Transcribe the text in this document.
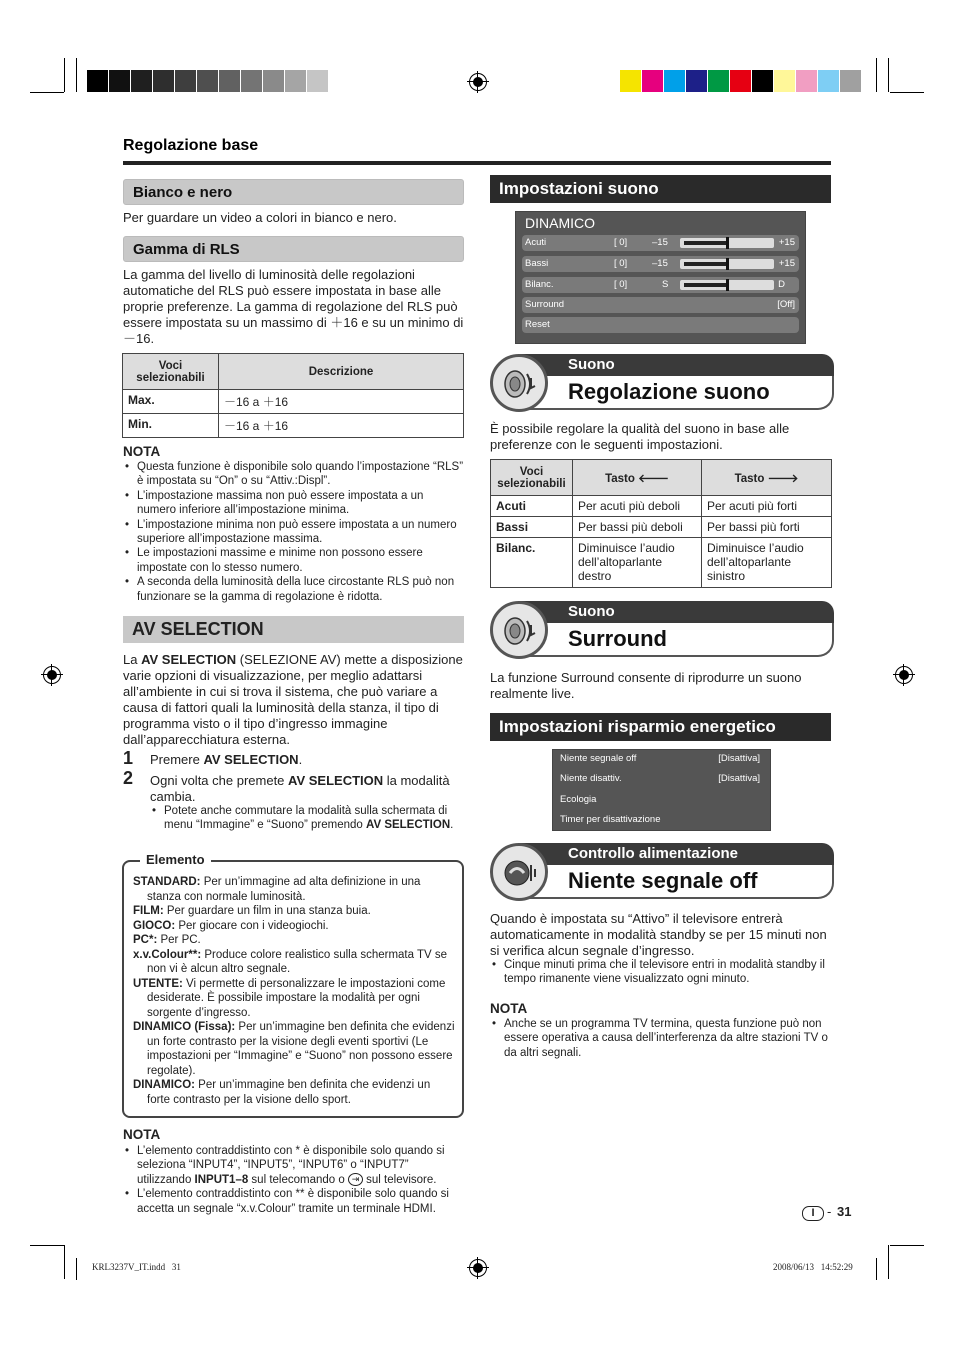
Regolazione base
Bianco e nero

Per guardare un video a colori in bianco e nero.

Gamma di RLS

La gamma del livello di luminosità delle regolazioni automatiche del RLS può essere impostata in base alle proprie preferenze. La gamma di regolazione del RLS può essere impostata su un massimo di ＋16 e su un minimo di －16.

Voci selezionabili	Descrizione
Max.	－16 a ＋16
Min.	－16 a ＋16
NOTA
• Questa funzione è disponibile solo quando l’impostazione “RLS” è impostata su “On” o su “Attiv.:Displ”.
• L’impostazione massima non può essere impostata a un numero inferiore all’impostazione minima.
• L’impostazione minima non può essere impostata a un numero superiore all’impostazione massima.
• Le impostazioni massime e minime non possono essere impostate con lo stesso numero.
• A seconda della luminosità della luce circostante RLS può non funzionare se la gamma di regolazione è ridotta.
AV SELECTION

La AV SELECTION (SELEZIONE AV) mette a disposizione varie opzioni di visualizzazione, per meglio adattarsi all’ambiente in cui si trova il sistema, che può variare a causa di fattori quali la luminosità della stanza, il tipo di programma visto o il tipo d’ingresso immagine dall’apparecchiatura esterna.

1 Premere AV SELECTION.

2 Ogni volta che premete AV SELECTION la modalità cambia.

• Potete anche commutare la modalità sulla schermata di menu “Immagine” e “Suono” premendo AV SELECTION.
Elemento
STANDARD: Per un’immagine ad alta definizione in una stanza con normale luminosità.
FILM: Per guardare un film in una stanza buia.
GIOCO: Per giocare con i videogiochi.
PC*: Per PC.
x.v.Colour**: Produce colore realistico sulla schermata TV se non vi è alcun altro segnale.
UTENTE: Vi permette di personalizzare le impostazioni come desiderate. È possibile impostare la modalità per ogni sorgente d’ingresso.
DINAMICO (Fissa): Per un’immagine ben definita che evidenzi un forte contrasto per la visione degli eventi sportivi (Le impostazioni per “Immagine” e “Suono” non possono essere regolate).
DINAMICO: Per un’immagine ben definita che evidenzi un forte contrasto per la visione dello sport.
NOTA
• L’elemento contraddistinto con * è disponibile solo quando si seleziona “INPUT4”, “INPUT5”, “INPUT6” o “INPUT7” utilizzando INPUT1–8 sul telecomando o ⇥ sul televisore.
• L’elemento contraddistinto con ** è disponibile solo quando si accetta un segnale “x.v.Colour” tramite un terminale HDMI.
Impostazioni suono
DINAMICO
Acuti	[ 0]	–15	+15
Bassi	[ 0]	–15	+15
Bilanc.	[ 0]	S	D
Surround	[Off]
Reset
Suono
Regolazione suono

È possibile regolare la qualità del suono in base alle preferenze con le seguenti impostazioni.

Voci selezionabili	Tasto 🡐	Tasto 🡒
Acuti	Per acuti più deboli	Per acuti più forti
Bassi	Per bassi più deboli	Per bassi più forti
Bilanc.	Diminuisce l’audio dell’altoparlante destro	Diminuisce l’audio dell’altoparlante sinistro
Suono
Surround

La funzione Surround consente di riprodurre un suono realmente live.

Impostazioni risparmio energetico
Niente segnale off	[Disattiva]
Niente disattiv.	[Disattiva]
Ecologia
Timer per disattivazione
Controllo alimentazione
Niente segnale off

Quando è impostata su “Attivo” il televisore entrerà automaticamente in modalità standby se per 15 minuti non si verifica alcun segnale d’ingresso.

• Cinque minuti prima che il televisore entri in modalità standby il tempo rimanente viene visualizzato ogni minuto.
NOTA
• Anche se un programma TV termina, questa funzione può non essere operativa a causa dell’interferenza da altre stazioni TV o da altri segnali.
I - 31
KRL3237V_IT.indd   31	2008/06/13   14:52:29
